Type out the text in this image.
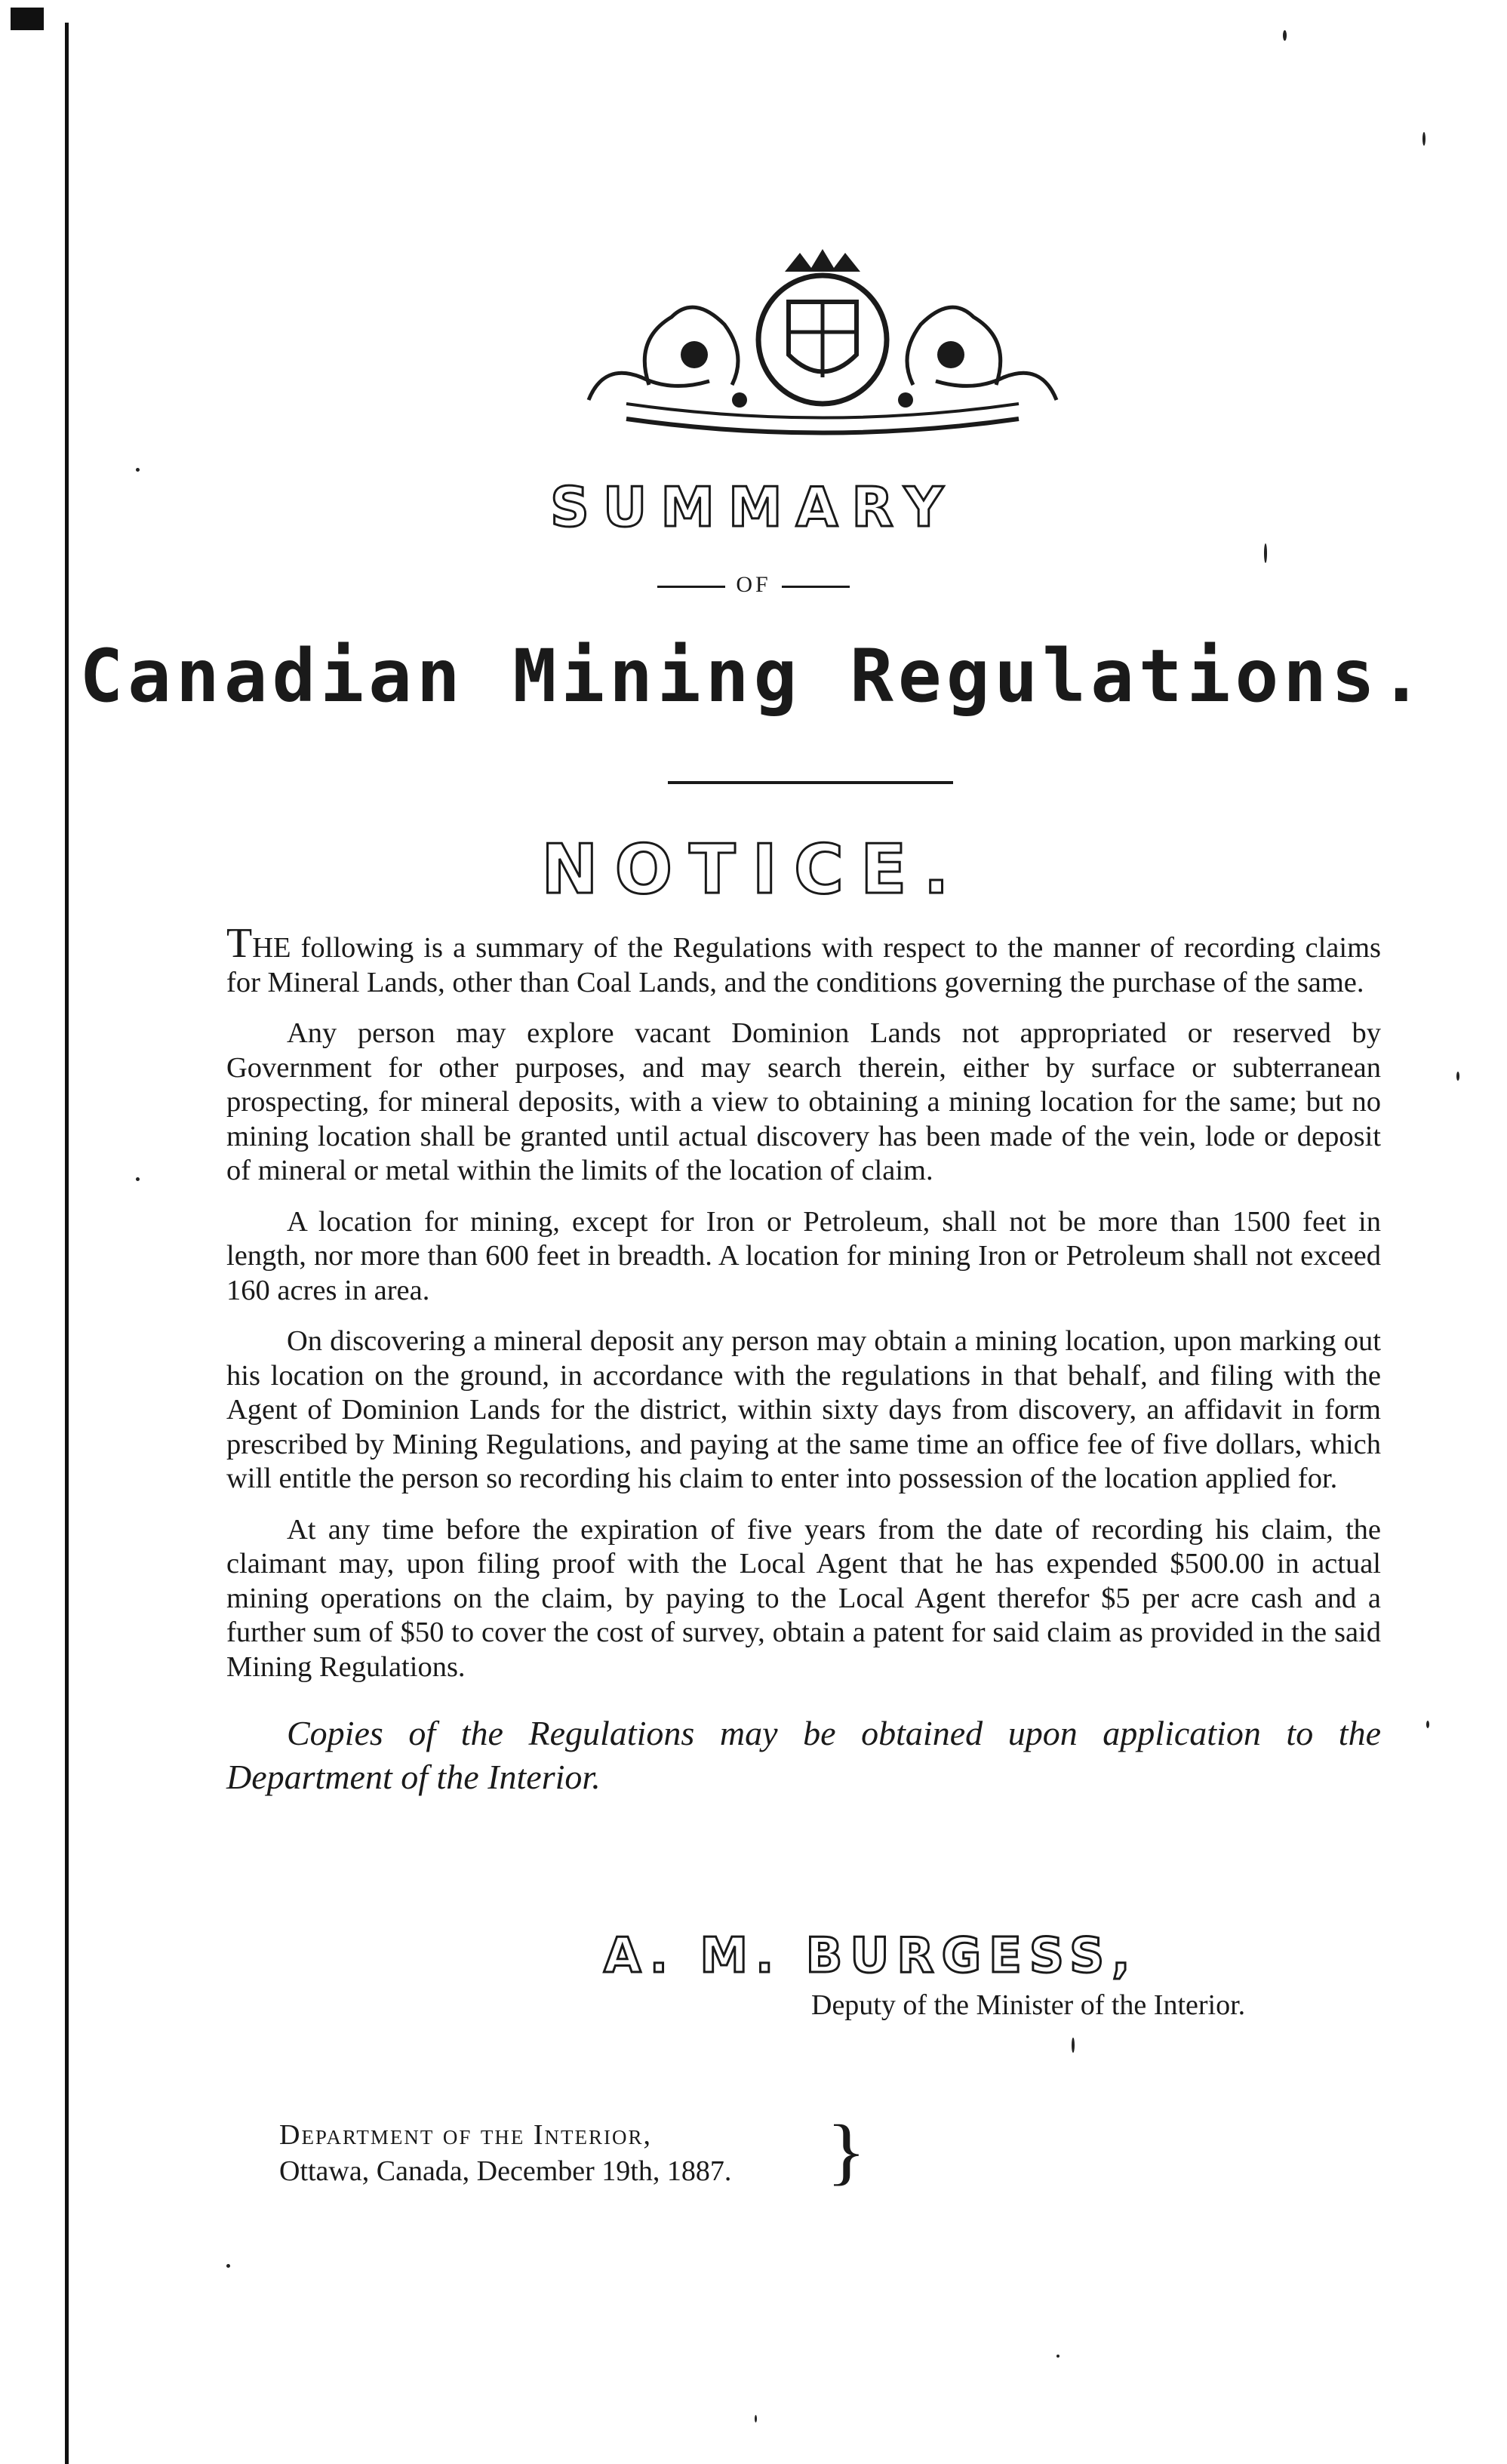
SUMMARY
OF
Canadian Mining Regulations.
NOTICE.

THE following is a summary of the Regulations with respect to the manner of recording claims for Mineral Lands, other than Coal Lands, and the conditions governing the purchase of the same.

Any person may explore vacant Dominion Lands not appropriated or reserved by Government for other purposes, and may search therein, either by surface or subterranean prospecting, for mineral deposits, with a view to obtaining a mining location for the same; but no mining location shall be granted until actual discovery has been made of the vein, lode or deposit of mineral or metal within the limits of the location of claim.

A location for mining, except for Iron or Petroleum, shall not be more than 1500 feet in length, nor more than 600 feet in breadth. A location for mining Iron or Petroleum shall not exceed 160 acres in area.

On discovering a mineral deposit any person may obtain a mining location, upon marking out his location on the ground, in accordance with the regulations in that behalf, and filing with the Agent of Dominion Lands for the district, within sixty days from discovery, an affidavit in form prescribed by Mining Regulations, and paying at the same time an office fee of five dollars, which will entitle the person so recording his claim to enter into possession of the location applied for.

At any time before the expiration of five years from the date of recording his claim, the claimant may, upon filing proof with the Local Agent that he has expended $500.00 in actual mining operations on the claim, by paying to the Local Agent therefor $5 per acre cash and a further sum of $50 to cover the cost of survey, obtain a patent for said claim as provided in the said Mining Regulations.

Copies of the Regulations may be obtained upon application to the Department of the Interior.

A. M. BURGESS,
Deputy of the Minister of the Interior.
Department of the Interior,
Ottawa, Canada, December 19th, 1887. }
